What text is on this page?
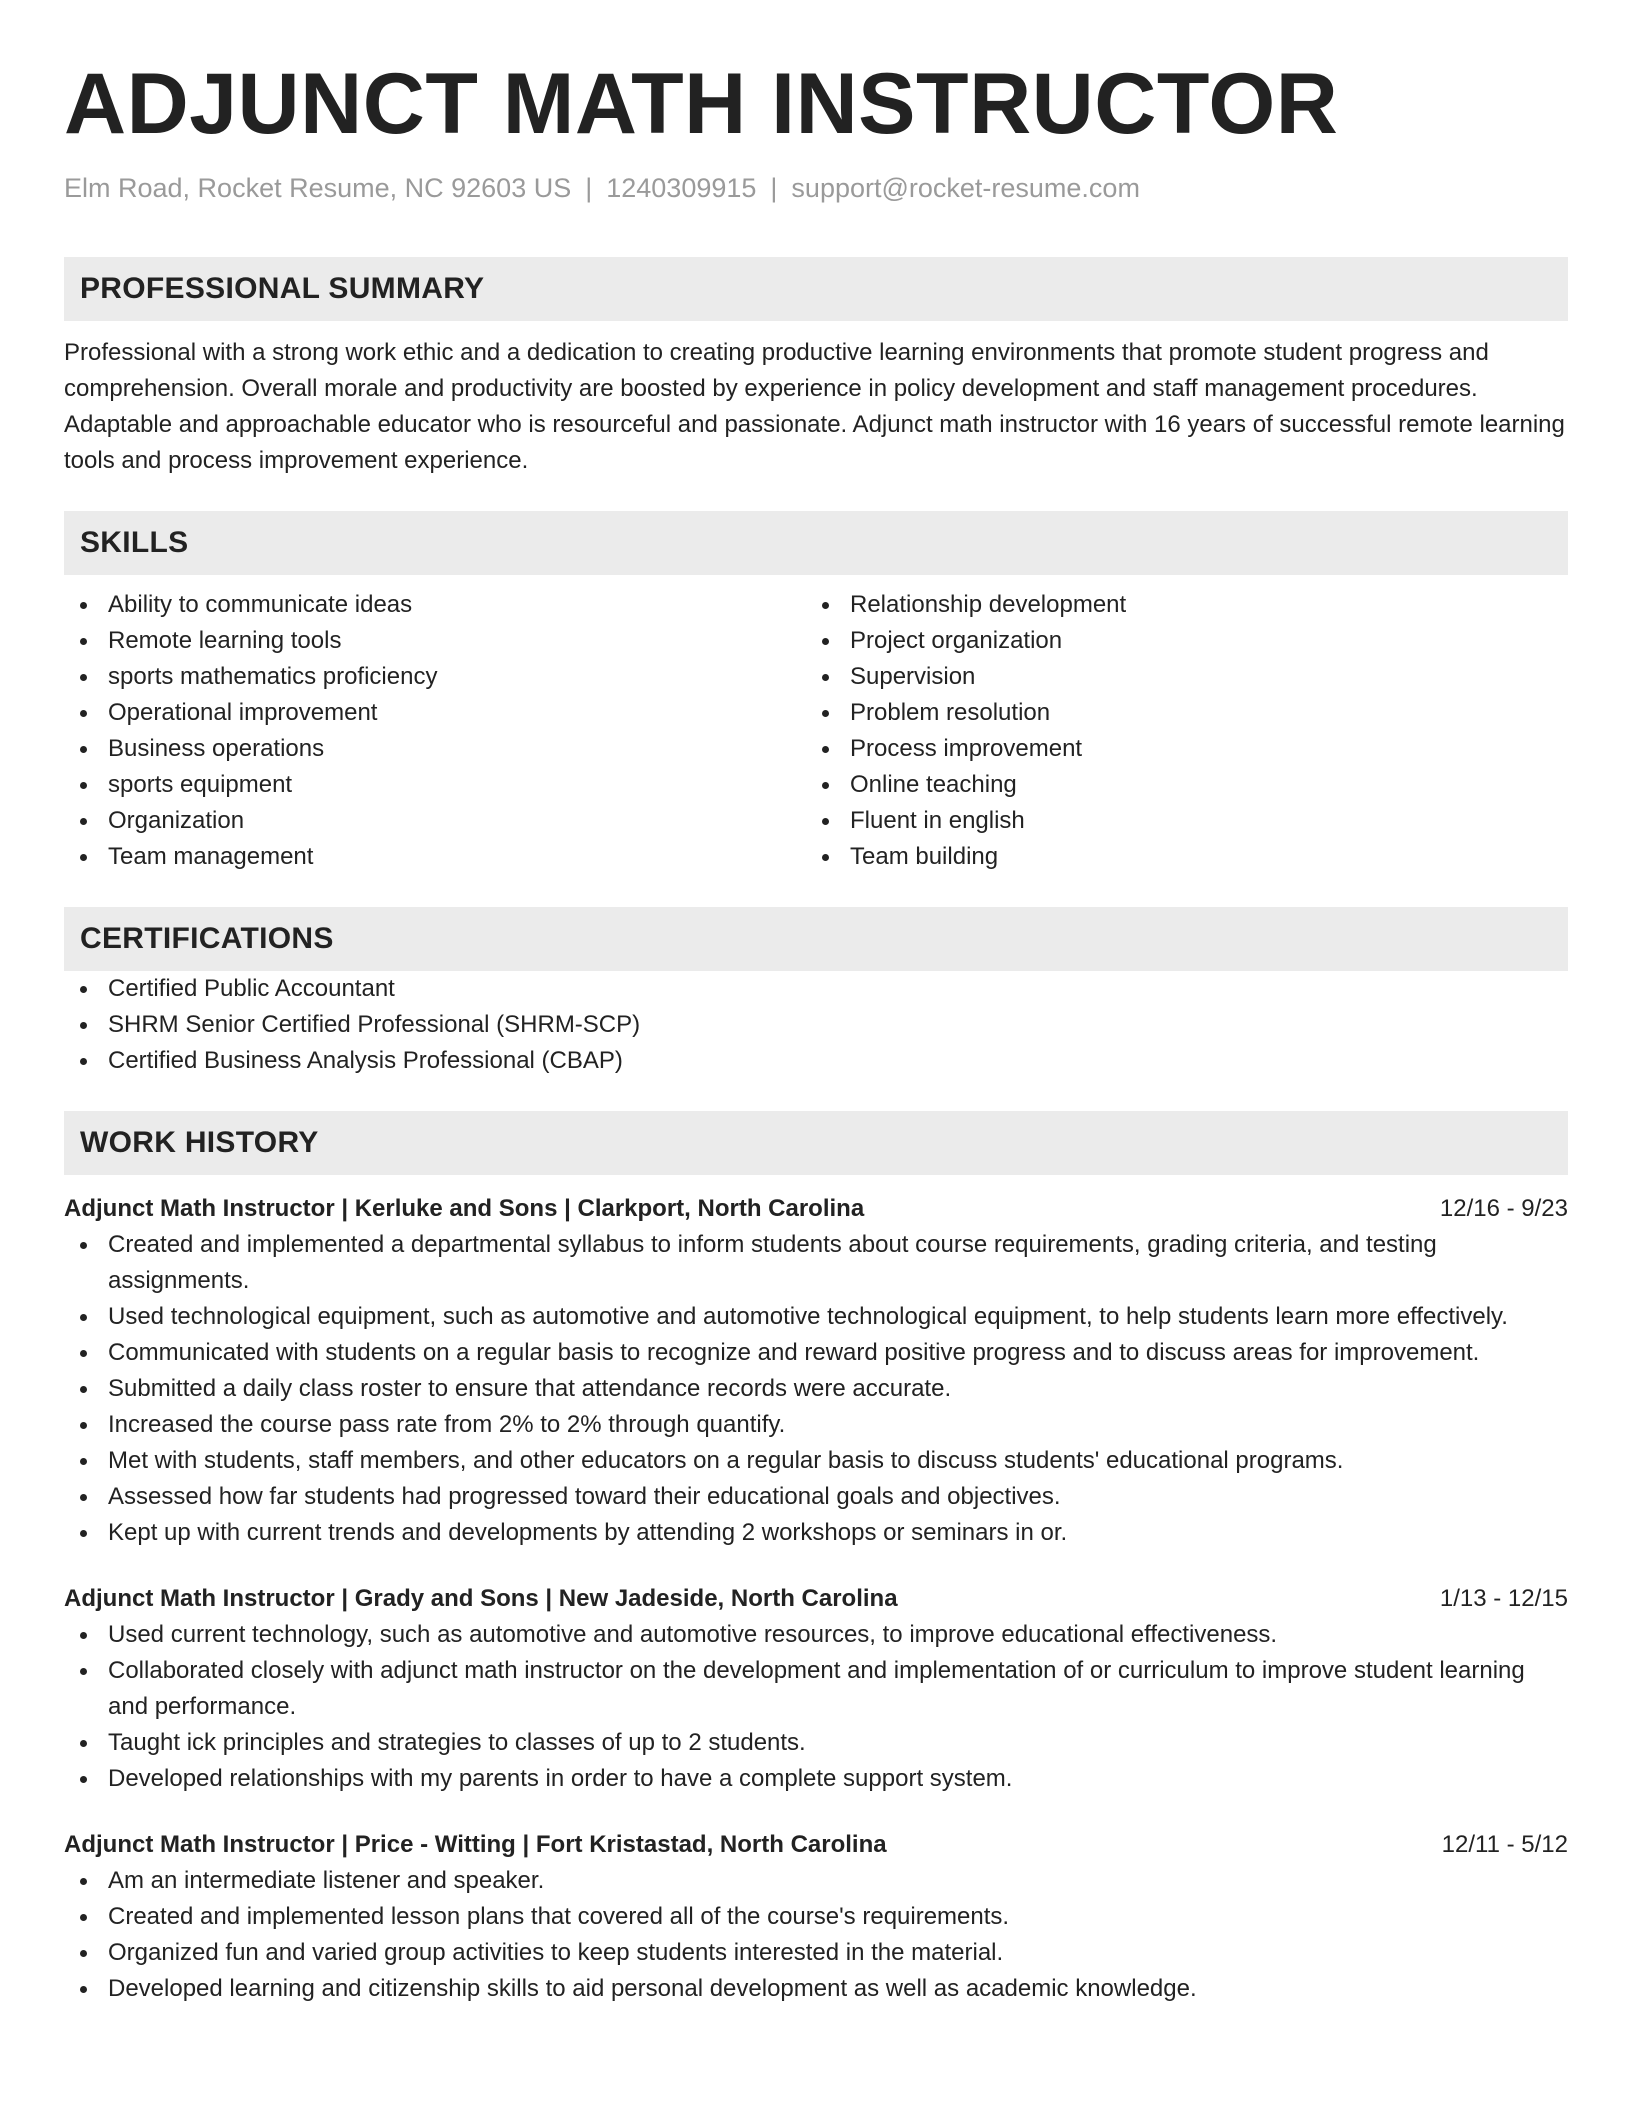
ADJUNCT MATH INSTRUCTOR
Elm Road, Rocket Resume, NC 92603 US | 1240309915 | support@rocket-resume.com
PROFESSIONAL SUMMARY

Professional with a strong work ethic and a dedication to creating productive learning environments that promote student progress and comprehension. Overall morale and productivity are boosted by experience in policy development and staff management procedures. Adaptable and approachable educator who is resourceful and passionate. Adjunct math instructor with 16 years of successful remote learning tools and process improvement experience.

SKILLS
Ability to communicate ideas
Remote learning tools
sports mathematics proficiency
Operational improvement
Business operations
sports equipment
Organization
Team management
Relationship development
Project organization
Supervision
Problem resolution
Process improvement
Online teaching
Fluent in english
Team building
CERTIFICATIONS
Certified Public Accountant
SHRM Senior Certified Professional (SHRM-SCP)
Certified Business Analysis Professional (CBAP)
WORK HISTORY
Adjunct Math Instructor | Kerluke and Sons | Clarkport, North Carolina	12/16 - 9/23
Created and implemented a departmental syllabus to inform students about course requirements, grading criteria, and testing assignments.
Used technological equipment, such as automotive and automotive technological equipment, to help students learn more effectively.
Communicated with students on a regular basis to recognize and reward positive progress and to discuss areas for improvement.
Submitted a daily class roster to ensure that attendance records were accurate.
Increased the course pass rate from 2% to 2% through quantify.
Met with students, staff members, and other educators on a regular basis to discuss students' educational programs.
Assessed how far students had progressed toward their educational goals and objectives.
Kept up with current trends and developments by attending 2 workshops or seminars in or.
Adjunct Math Instructor | Grady and Sons | New Jadeside, North Carolina	1/13 - 12/15
Used current technology, such as automotive and automotive resources, to improve educational effectiveness.
Collaborated closely with adjunct math instructor on the development and implementation of or curriculum to improve student learning and performance.
Taught ick principles and strategies to classes of up to 2 students.
Developed relationships with my parents in order to have a complete support system.
Adjunct Math Instructor | Price - Witting | Fort Kristastad, North Carolina	12/11 - 5/12
Am an intermediate listener and speaker.
Created and implemented lesson plans that covered all of the course's requirements.
Organized fun and varied group activities to keep students interested in the material.
Developed learning and citizenship skills to aid personal development as well as academic knowledge.
